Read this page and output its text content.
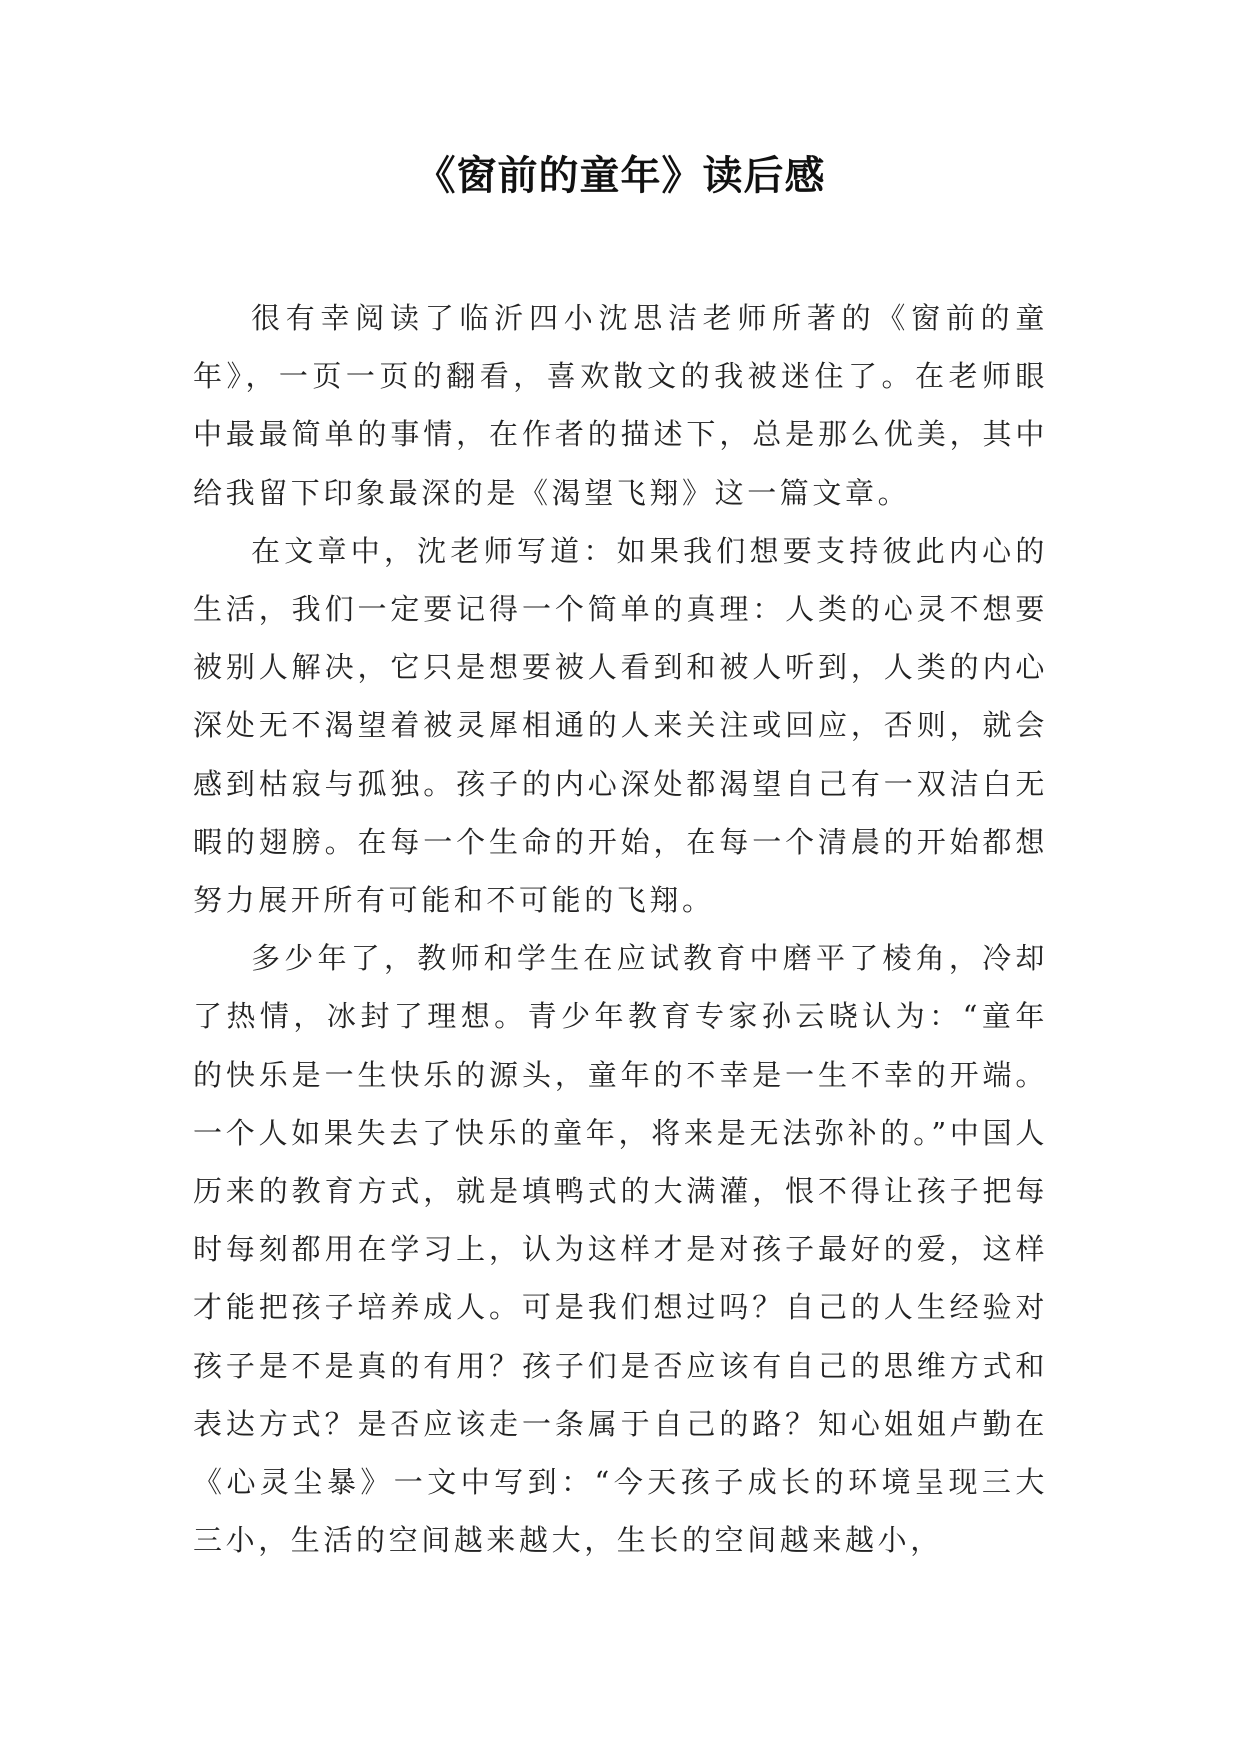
《窗前的童年》读后感

很有幸阅读了临沂四小沈思洁老师所著的《窗前的童年》，一页一页的翻看，喜欢散文的我被迷住了。在老师眼中最最简单的事情，在作者的描述下，总是那么优美，其中给我留下印象最深的是《渴望飞翔》这一篇文章。

在文章中，沈老师写道：如果我们想要支持彼此内心的生活，我们一定要记得一个简单的真理：人类的心灵不想要被别人解决，它只是想要被人看到和被人听到，人类的内心深处无不渴望着被灵犀相通的人来关注或回应，否则，就会感到枯寂与孤独。孩子的内心深处都渴望自己有一双洁白无暇的翅膀。在每一个生命的开始，在每一个清晨的开始都想努力展开所有可能和不可能的飞翔。

多少年了，教师和学生在应试教育中磨平了棱角，冷却了热情，冰封了理想。青少年教育专家孙云晓认为：“童年的快乐是一生快乐的源头，童年的不幸是一生不幸的开端。一个人如果失去了快乐的童年，将来是无法弥补的。”中国人历来的教育方式，就是填鸭式的大满灌，恨不得让孩子把每时每刻都用在学习上，认为这样才是对孩子最好的爱，这样才能把孩子培养成人。可是我们想过吗？自己的人生经验对孩子是不是真的有用？孩子们是否应该有自己的思维方式和表达方式？是否应该走一条属于自己的路？知心姐姐卢勤在《心灵尘暴》一文中写到：“今天孩子成长的环境呈现三大三小，生活的空间越来越大，生长的空间越来越小，
